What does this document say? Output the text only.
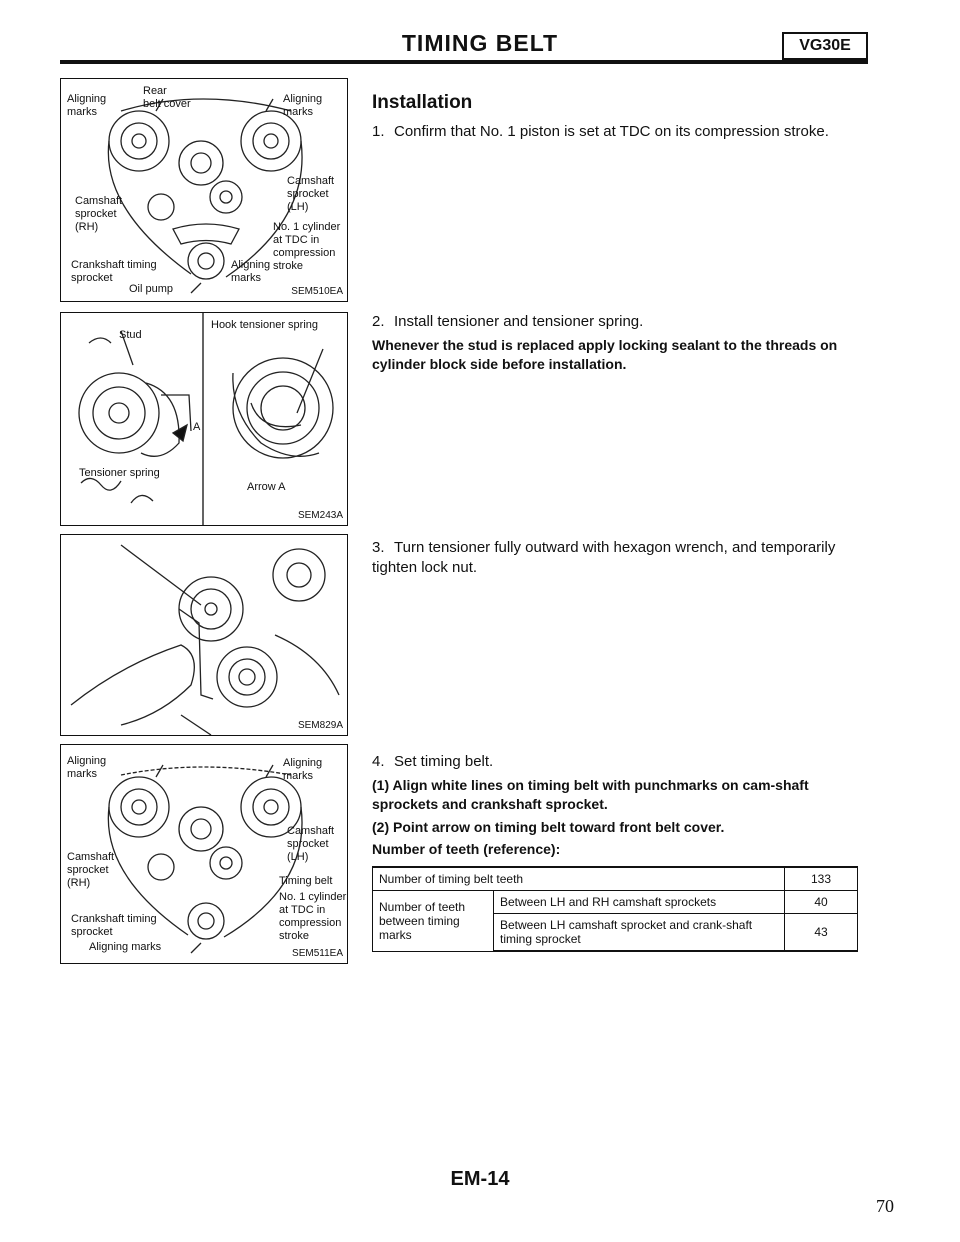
TIMING BELT	VG30E
Aligning
marks
Rear
belt cover	Aligning
marks
Camshaft
sprocket
(RH)
Camshaft
sprocket
(LH)
No. 1 cylinder
at TDC in
compression
stroke
Crankshaft timing
sprocket
Oil pump
Aligning
marks
SEM510EA
Stud
Hook tensioner spring
A
Tensioner spring
Arrow A
SEM243A
SEM829A
Aligning
marks
Aligning
marks
Camshaft
sprocket
(RH)
Camshaft
sprocket
(LH)
Timing belt
No. 1 cylinder
at TDC in
compression
stroke
Crankshaft timing
sprocket
Aligning marks
SEM511EA
Installation
1. Confirm that No. 1 piston is set at TDC on its compression stroke.
2. Install tensioner and tensioner spring.
Whenever the stud is replaced apply locking sealant to the threads on cylinder block side before installation.
3. Turn tensioner fully outward with hexagon wrench, and temporarily tighten lock nut.
4. Set timing belt.
(1) Align white lines on timing belt with punchmarks on cam-shaft sprockets and crankshaft sprocket.
(2) Point arrow on timing belt toward front belt cover.
Number of teeth (reference):
Number of timing belt teeth		133
Number of teeth between timing marks	Between LH and RH camshaft sprockets	40
	Between LH camshaft sprocket and crank-shaft timing sprocket	43
EM-14
70
